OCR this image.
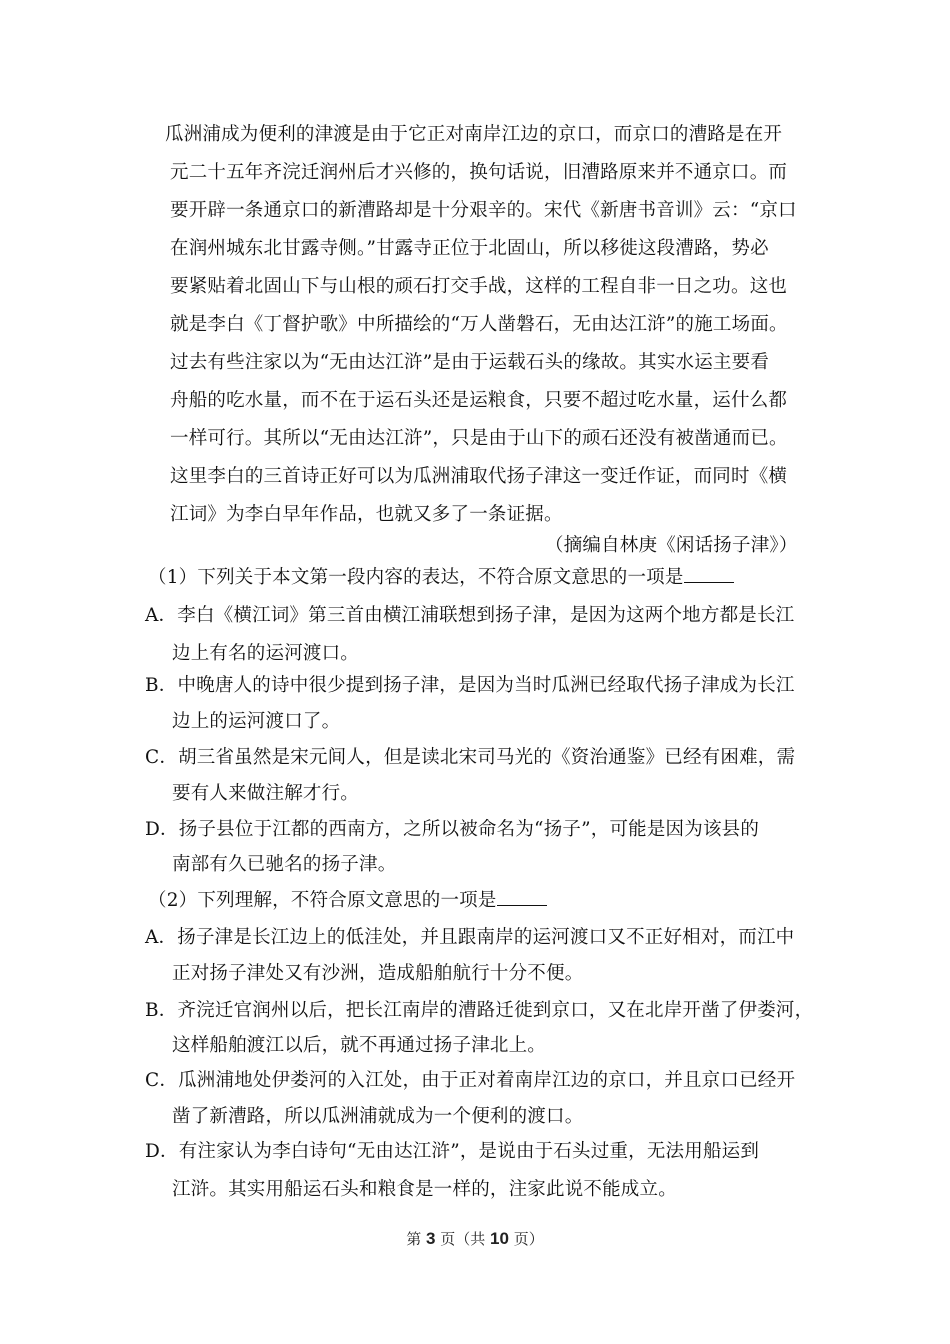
瓜洲浦成为便利的津渡是由于它正对南岸江边的京口，而京口的漕路是在开
元二十五年齐浣迁润州后才兴修的，换句话说，旧漕路原来并不通京口。而
要开辟一条通京口的新漕路却是十分艰辛的。宋代《新唐书音训》云：“京口
在润州城东北甘露寺侧。”甘露寺正位于北固山，所以移徙这段漕路，势必
要紧贴着北固山下与山根的顽石打交手战，这样的工程自非一日之功。这也
就是李白《丁督护歌》中所描绘的“万人凿磐石，无由达江浒”的施工场面。
过去有些注家以为“无由达江浒”是由于运载石头的缘故。其实水运主要看
舟船的吃水量，而不在于运石头还是运粮食，只要不超过吃水量，运什么都
一样可行。其所以“无由达江浒”，只是由于山下的顽石还没有被凿通而已。
这里李白的三首诗正好可以为瓜洲浦取代扬子津这一变迁作证，而同时《横
江词》为李白早年作品，也就又多了一条证据。
（摘编自林庚《闲话扬子津》）
（1）下列关于本文第一段内容的表达，不符合原文意思的一项是
A．李白《横江词》第三首由横江浦联想到扬子津，是因为这两个地方都是长江
边上有名的运河渡口。
B．中晚唐人的诗中很少提到扬子津，是因为当时瓜洲已经取代扬子津成为长江
边上的运河渡口了。
C．胡三省虽然是宋元间人，但是读北宋司马光的《资治通鉴》已经有困难，需
要有人来做注解才行。
D．扬子县位于江都的西南方，之所以被命名为“扬子”，可能是因为该县的
南部有久已驰名的扬子津。
（2）下列理解，不符合原文意思的一项是
A．扬子津是长江边上的低洼处，并且跟南岸的运河渡口又不正好相对，而江中
正对扬子津处又有沙洲，造成船舶航行十分不便。
B．齐浣迁官润州以后，把长江南岸的漕路迁徙到京口，又在北岸开凿了伊娄河，
这样船舶渡江以后，就不再通过扬子津北上。
C．瓜洲浦地处伊娄河的入江处，由于正对着南岸江边的京口，并且京口已经开
凿了新漕路，所以瓜洲浦就成为一个便利的渡口。
D．有注家认为李白诗句“无由达江浒”，是说由于石头过重，无法用船运到
江浒。其实用船运石头和粮食是一样的，注家此说不能成立。
第 3 页（共 10 页）
